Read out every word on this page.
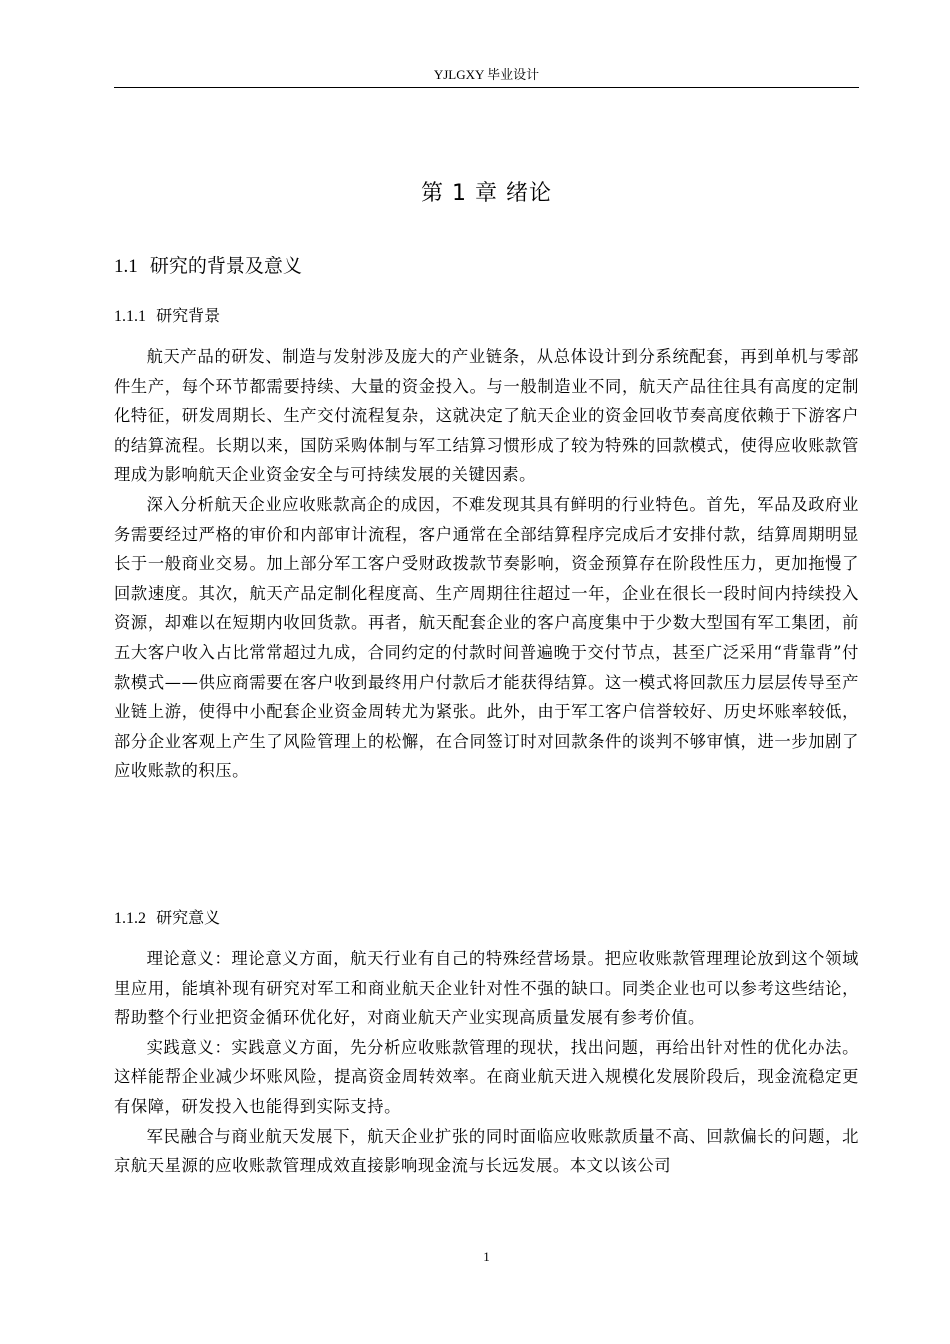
YJLGXY 毕业设计
第 1 章 绪论
1.1 研究的背景及意义
1.1.1 研究背景

航天产品的研发、制造与发射涉及庞大的产业链条，从总体设计到分系统配套，再到单机与零部件生产，每个环节都需要持续、大量的资金投入。与一般制造业不同，航天产品往往具有高度的定制化特征，研发周期长、生产交付流程复杂，这就决定了航天企业的资金回收节奏高度依赖于下游客户的结算流程。长期以来，国防采购体制与军工结算习惯形成了较为特殊的回款模式，使得应收账款管理成为影响航天企业资金安全与可持续发展的关键因素。

深入分析航天企业应收账款高企的成因，不难发现其具有鲜明的行业特色。首先，军品及政府业务需要经过严格的审价和内部审计流程，客户通常在全部结算程序完成后才安排付款，结算周期明显长于一般商业交易。加上部分军工客户受财政拨款节奏影响，资金预算存在阶段性压力，更加拖慢了回款速度。其次，航天产品定制化程度高、生产周期往往超过一年，企业在很长一段时间内持续投入资源，却难以在短期内收回货款。再者，航天配套企业的客户高度集中于少数大型国有军工集团，前五大客户收入占比常常超过九成，合同约定的付款时间普遍晚于交付节点，甚至广泛采用“背靠背”付款模式——供应商需要在客户收到最终用户付款后才能获得结算。这一模式将回款压力层层传导至产业链上游，使得中小配套企业资金周转尤为紧张。此外，由于军工客户信誉较好、历史坏账率较低，部分企业客观上产生了风险管理上的松懈，在合同签订时对回款条件的谈判不够审慎，进一步加剧了应收账款的积压。

1.1.2 研究意义

理论意义：理论意义方面，航天行业有自己的特殊经营场景。把应收账款管理理论放到这个领域里应用，能填补现有研究对军工和商业航天企业针对性不强的缺口。同类企业也可以参考这些结论，帮助整个行业把资金循环优化好，对商业航天产业实现高质量发展有参考价值。

实践意义：实践意义方面，先分析应收账款管理的现状，找出问题，再给出针对性的优化办法。这样能帮企业减少坏账风险，提高资金周转效率。在商业航天进入规模化发展阶段后，现金流稳定更有保障，研发投入也能得到实际支持。

军民融合与商业航天发展下，航天企业扩张的同时面临应收账款质量不高、回款偏长的问题，北京航天星源的应收账款管理成效直接影响现金流与长远发展。本文以该公司

1
